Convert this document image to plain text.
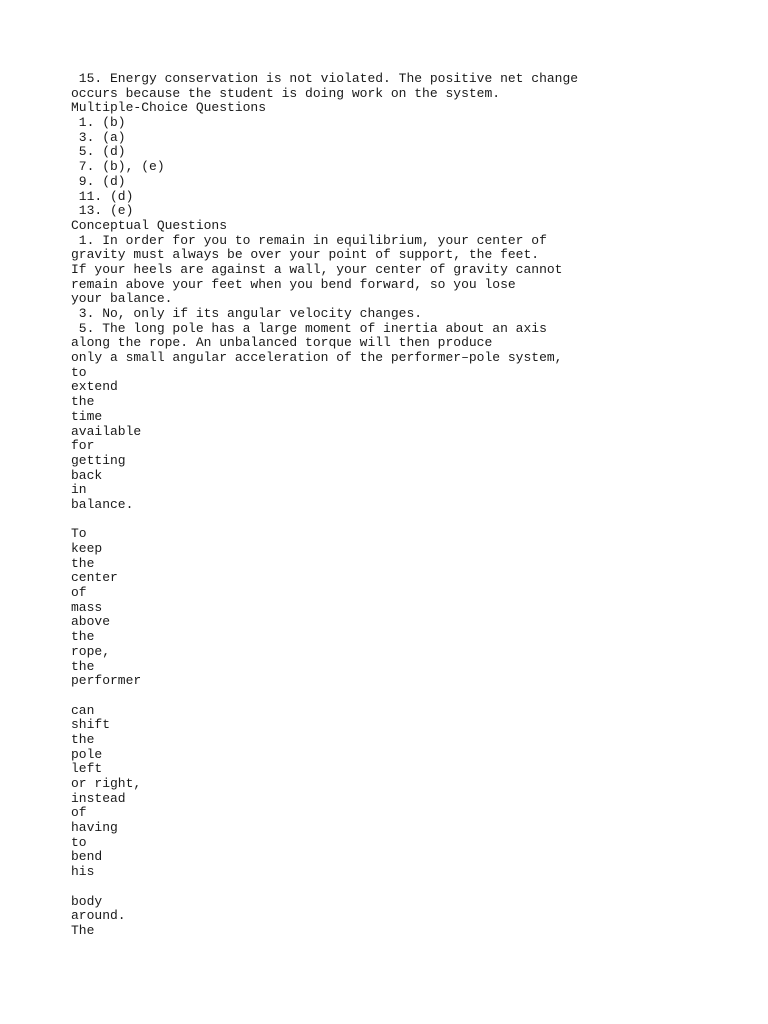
15. Energy conservation is not violated. The positive net change
occurs because the student is doing work on the system.
Multiple-Choice Questions
1. (b)
3. (a)
5. (d)
7. (b), (e)
9. (d)
11. (d)
13. (e)
Conceptual Questions
1. In order for you to remain in equilibrium, your center of
gravity must always be over your point of support, the feet.
If your heels are against a wall, your center of gravity cannot
remain above your feet when you bend forward, so you lose
your balance.
3. No, only if its angular velocity changes.
5. The long pole has a large moment of inertia about an axis
along the rope. An unbalanced torque will then produce
only a small angular acceleration of the performer–pole system,
to
extend
the
time
available
for
getting
back
in
balance.
To
keep
the
center
of
mass
above
the
rope,
the
performer
can
shift
the
pole
left
or right,
instead
of
having
to
bend
his
body
around.
The
